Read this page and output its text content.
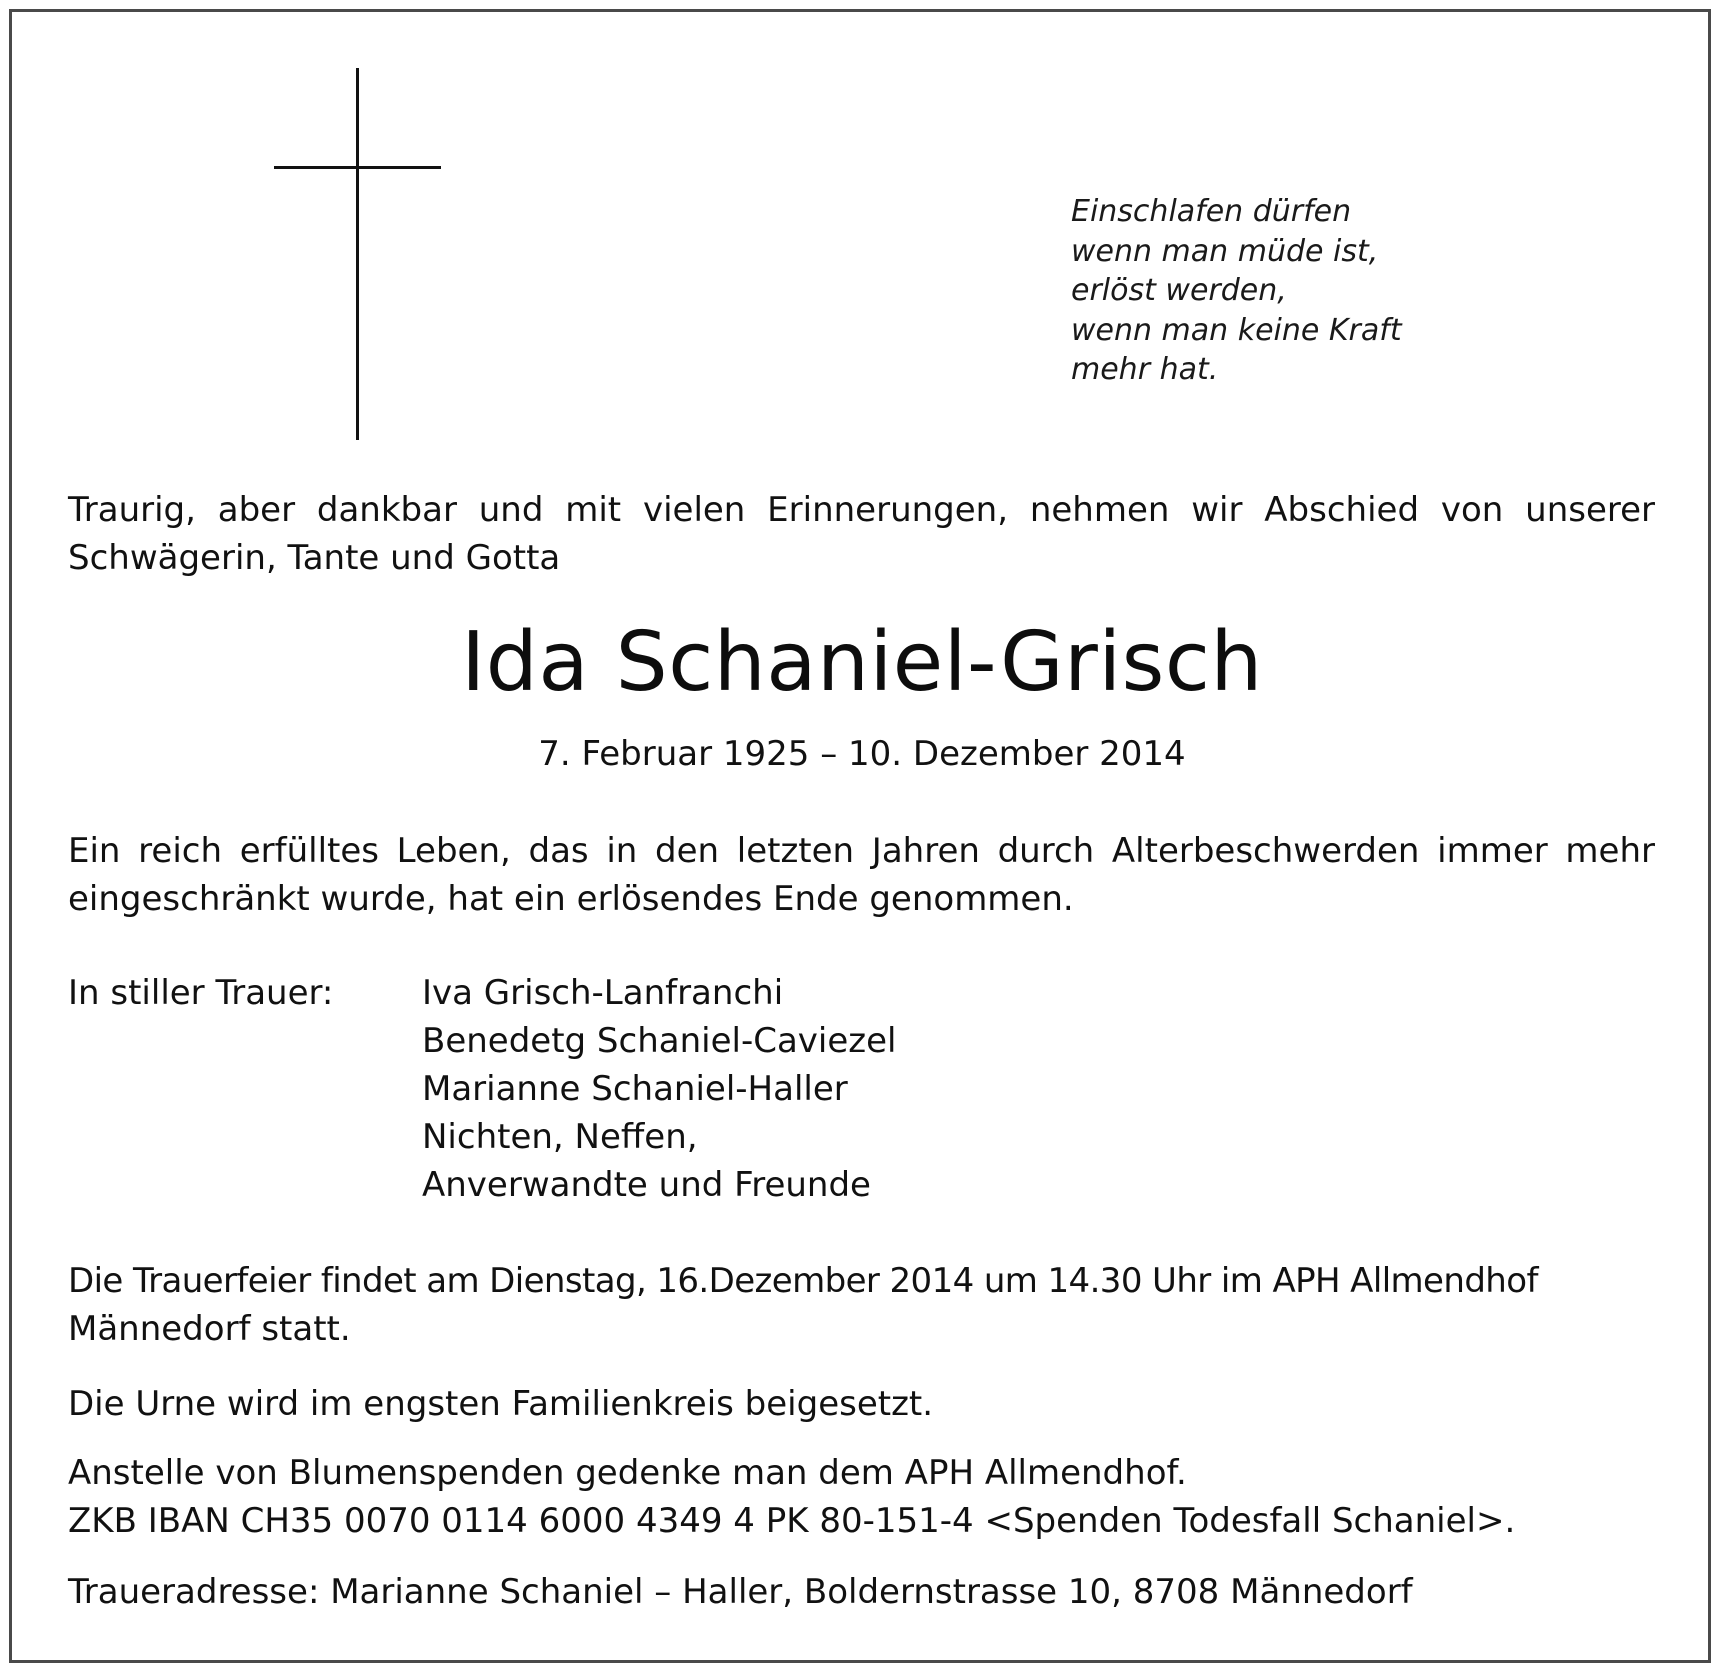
Einschlafen dürfen
wenn man müde ist,
erlöst werden,
wenn man keine Kraft
mehr hat.
Traurig, aber dankbar und mit vielen Erinnerungen, nehmen wir Abschied von unserer
Schwägerin, Tante und Gotta
Ida Schaniel-Grisch
7. Februar 1925 – 10. Dezember 2014
Ein reich erfülltes Leben, das in den letzten Jahren durch Alterbeschwerden immer mehr
eingeschränkt wurde, hat ein erlösendes Ende genommen.
In stiller Trauer:	Iva Grisch-Lanfranchi
Benedetg Schaniel-Caviezel
Marianne Schaniel-Haller
Nichten, Neffen,
Anverwandte und Freunde
Die Trauerfeier findet am Dienstag, 16.Dezember 2014 um 14.30 Uhr im APH Allmendhof
Männedorf statt.
Die Urne wird im engsten Familienkreis beigesetzt.
Anstelle von Blumenspenden gedenke man dem APH Allmendhof.
ZKB IBAN CH35 0070 0114 6000 4349 4 PK 80-151-4 <Spenden Todesfall Schaniel>.
Traueradresse: Marianne Schaniel – Haller, Boldernstrasse 10, 8708 Männedorf
